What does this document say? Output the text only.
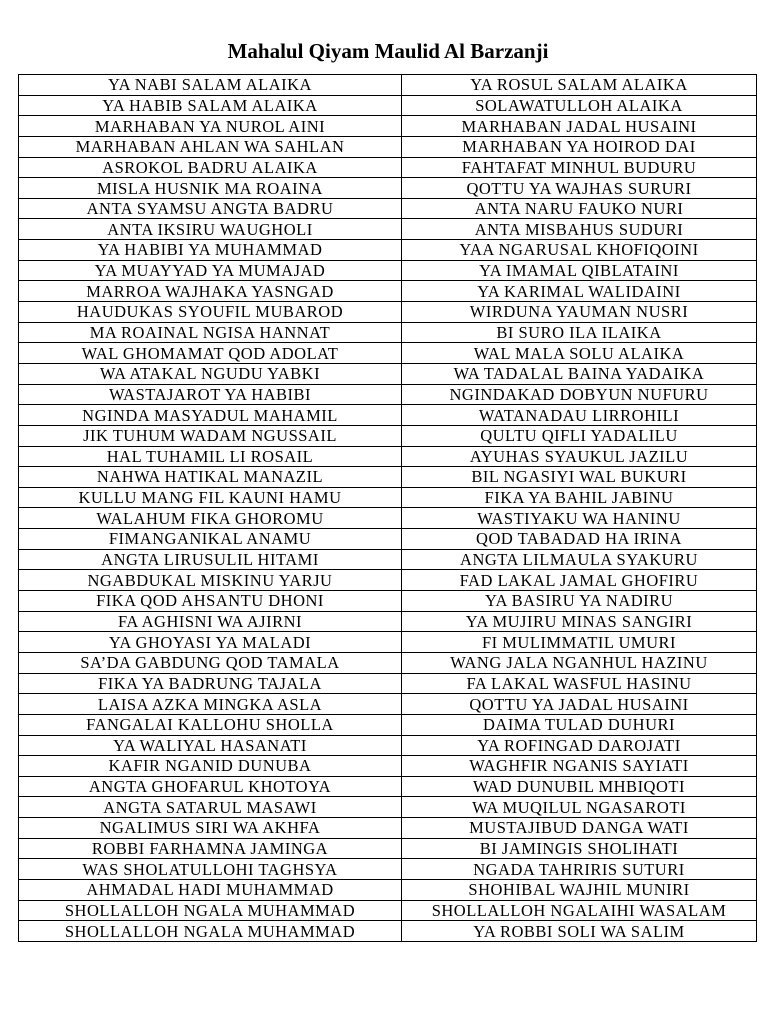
Mahalul Qiyam Maulid Al Barzanji
YA NABI SALAM ALAIKA	YA ROSUL SALAM ALAIKA
YA HABIB SALAM ALAIKA	SOLAWATULLOH ALAIKA
MARHABAN YA NUROL AINI	MARHABAN JADAL HUSAINI
MARHABAN AHLAN WA SAHLAN	MARHABAN YA HOIROD DAI
ASROKOL BADRU ALAIKA	FAHTAFAT MINHUL BUDURU
MISLA HUSNIK MA ROAINA	QOTTU YA WAJHAS SURURI
ANTA SYAMSU ANGTA BADRU	ANTA NARU FAUKO NURI
ANTA IKSIRU WAUGHOLI	ANTA MISBAHUS SUDURI
YA HABIBI YA MUHAMMAD	YAA NGARUSAL KHOFIQOINI
YA MUAYYAD YA MUMAJAD	YA IMAMAL QIBLATAINI
MARROA WAJHAKA YASNGAD	YA KARIMAL WALIDAINI
HAUDUKAS SYOUFIL MUBAROD	WIRDUNA YAUMAN NUSRI
MA ROAINAL NGISA HANNAT	BI SURO ILA ILAIKA
WAL GHOMAMAT QOD ADOLAT	WAL MALA SOLU ALAIKA
WA ATAKAL NGUDU YABKI	WA TADALAL BAINA YADAIKA
WASTAJAROT YA HABIBI	NGINDAKAD DOBYUN NUFURU
NGINDA MASYADUL MAHAMIL	WATANADAU LIRROHILI
JIK TUHUM WADAM NGUSSAIL	QULTU QIFLI YADALILU
HAL TUHAMIL LI ROSAIL	AYUHAS SYAUKUL JAZILU
NAHWA HATIKAL MANAZIL	BIL NGASIYI WAL BUKURI
KULLU MANG FIL KAUNI HAMU	FIKA YA BAHIL JABINU
WALAHUM FIKA GHOROMU	WASTIYAKU WA HANINU
FIMANGANIKAL ANAMU	QOD TABADAD HA IRINA
ANGTA LIRUSULIL HITAMI	ANGTA LILMAULA SYAKURU
NGABDUKAL MISKINU YARJU	FAD LAKAL JAMAL GHOFIRU
FIKA QOD AHSANTU DHONI	YA BASIRU YA NADIRU
FA AGHISNI WA AJIRNI	YA MUJIRU MINAS SANGIRI
YA GHOYASI YA MALADI	FI MULIMMATIL UMURI
SA’DA GABDUNG QOD TAMALA	WANG JALA NGANHUL HAZINU
FIKA YA BADRUNG TAJALA	FA LAKAL WASFUL HASINU
LAISA AZKA MINGKA ASLA	QOTTU YA JADAL HUSAINI
FANGALAI KALLOHU SHOLLA	DAIMA TULAD DUHURI
YA WALIYAL HASANATI	YA ROFINGAD DAROJATI
KAFIR NGANID DUNUBA	WAGHFIR NGANIS SAYIATI
ANGTA GHOFARUL KHOTOYA	WAD DUNUBIL MHBIQOTI
ANGTA SATARUL MASAWI	WA MUQILUL NGASAROTI
NGALIMUS SIRI WA AKHFA	MUSTAJIBUD DANGA WATI
ROBBI FARHAMNA JAMINGA	BI JAMINGIS SHOLIHATI
WAS SHOLATULLOHI TAGHSYA	NGADA TAHRIRIS SUTURI
AHMADAL HADI MUHAMMAD	SHOHIBAL WAJHIL MUNIRI
SHOLLALLOH NGALA MUHAMMAD	SHOLLALLOH NGALAIHI WASALAM
SHOLLALLOH NGALA MUHAMMAD	YA ROBBI SOLI WA SALIM
